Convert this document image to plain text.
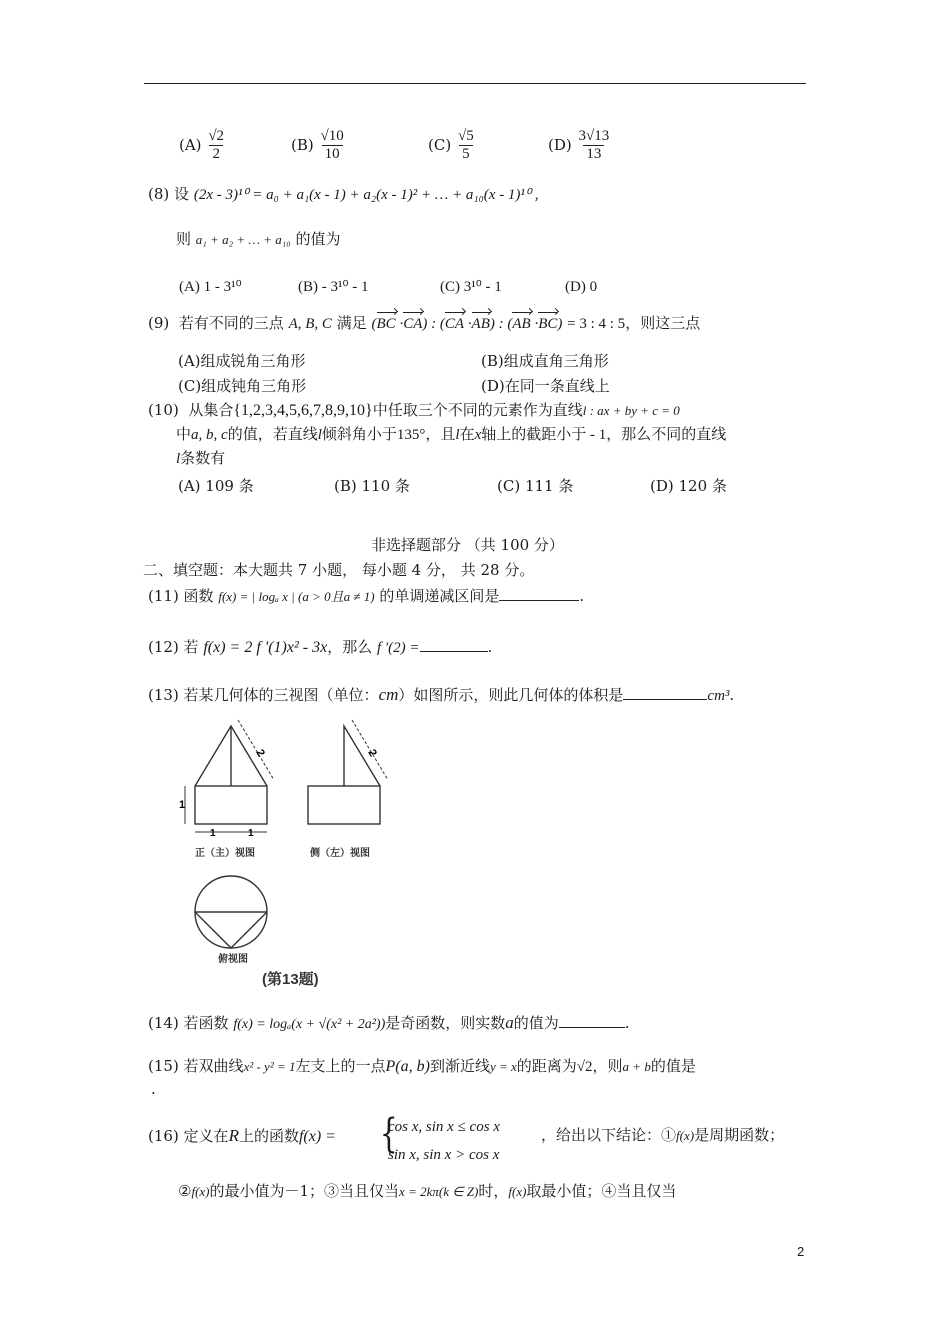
$(A) \frac{√2}{2}$	$(B) \frac{√10}{10}$	$(C) \frac{√5}{5}$	$(D) \frac{3√13}{13}$
(8) 设 (2x - 3)¹⁰ = a₀ + a₁(x - 1) + a₂(x - 1)² + … + a₁₀(x - 1)¹⁰ ,
则 a₁ + a₂ + … + a₁₀ 的值为
(A) 1 - 3¹⁰	(B) - 3¹⁰ - 1	(C) 3¹⁰ - 1	(D) 0
(9) 若有不同的三点 A, B, C 满足 (BC ·CA) : (CA ·AB) : (AB ·BC) = 3 : 4 : 5，则这三点
(A)组成锐角三角形	(B)组成直角三角形
(C)组成钝角三角形	(D)在同一条直线上
(10) 从集合{1,2,3,4,5,6,7,8,9,10}中任取三个不同的元素作为直线l : ax + by + c = 0
中a, b, c的值，若直线l倾斜角小于135°，且l在x轴上的截距小于 - 1，那么不同的直线
l条数有
(A) 109 条	(B) 110 条	(C) 111 条	(D) 120 条
非选择题部分 （共 100 分）
二、填空题：本大题共 7 小题， 每小题 4 分， 共 28 分。
(11) 函数 f(x) = | logₐ x | (a > 0且a ≠ 1) 的单调递减区间是	.
(12) 若 f(x) = 2 f '(1)x² - 3x，那么 f '(2) =	.
(13) 若某几何体的三视图（单位：cm）如图所示，则此几何体的体积是	cm³.
2
1
1	1
正（主）视图
2
侧（左）视图
俯视图
(第13题)
(14) 若函数 f(x) = logₐ(x + √(x² + 2a²))是奇函数，则实数a的值为	.
(15) 若双曲线x² - y² = 1左支上的一点P(a, b)到渐近线y = x的距离为√2，则a + b的值是
.
(16) 定义在R上的函数f(x) = {
cos x, sin x ≤ cos x
sin x, sin x > cos x
，给出以下结论：①f(x)是周期函数；
②f(x)的最小值为－1；③当且仅当x = 2kπ(k ∈ Z)时，f(x)取最小值；④当且仅当
2
